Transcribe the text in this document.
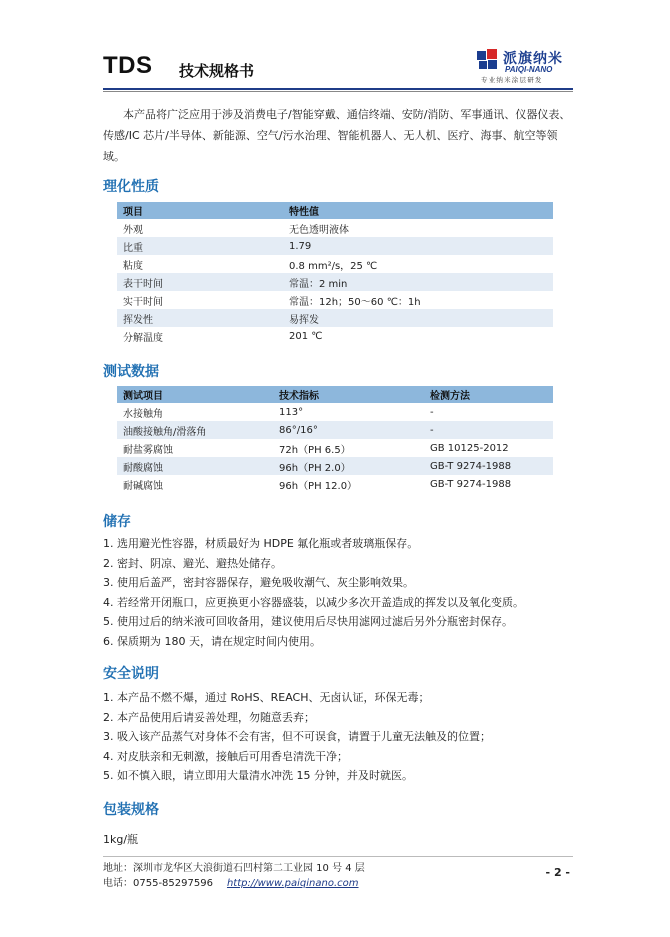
TDS 技术规格书
派旗纳米
PAIQI-NANO
专业纳米涂层研发
本产品将广泛应用于涉及消费电子/智能穿戴、通信终端、安防/消防、军事通讯、仪器仪表、传感/IC 芯片/半导体、新能源、空气/污水治理、智能机器人、无人机、医疗、海事、航空等领域。
理化性质
项目	特性值
外观	无色透明液体
比重	1.79
粘度	0.8 mm²/s，25 ℃
表干时间	常温：2 min
实干时间	常温：12h；50～60 ℃：1h
挥发性	易挥发
分解温度	201 ℃
测试数据
测试项目	技术指标	检测方法
水接触角	113°	-
油酸接触角/滑落角	86°/16°	-
耐盐雾腐蚀	72h（PH 6.5）	GB 10125-2012
耐酸腐蚀	96h（PH 2.0）	GB-T 9274-1988
耐碱腐蚀	96h（PH 12.0）	GB-T 9274-1988
储存
1. 选用避光性容器，材质最好为 HDPE 氟化瓶或者玻璃瓶保存。
2. 密封、阴凉、避光、避热处储存。
3. 使用后盖严，密封容器保存，避免吸收潮气、灰尘影响效果。
4. 若经常开闭瓶口，应更换更小容器盛装，以减少多次开盖造成的挥发以及氧化变质。
5. 使用过后的纳米液可回收备用，建议使用后尽快用滤网过滤后另外分瓶密封保存。
6. 保质期为 180 天，请在规定时间内使用。
安全说明
1. 本产品不燃不爆，通过 RoHS、REACH、无卤认证，环保无毒；
2. 本产品使用后请妥善处理，勿随意丢弃；
3. 吸入该产品蒸气对身体不会有害，但不可误食，请置于儿童无法触及的位置；
4. 对皮肤亲和无刺激，接触后可用香皂清洗干净；
5. 如不慎入眼，请立即用大量清水冲洗 15 分钟，并及时就医。
包装规格
1kg/瓶
地址：深圳市龙华区大浪街道石凹村第二工业园 10 号 4 层
电话：0755-85297596 http://www.paiqinano.com
- 2 -
